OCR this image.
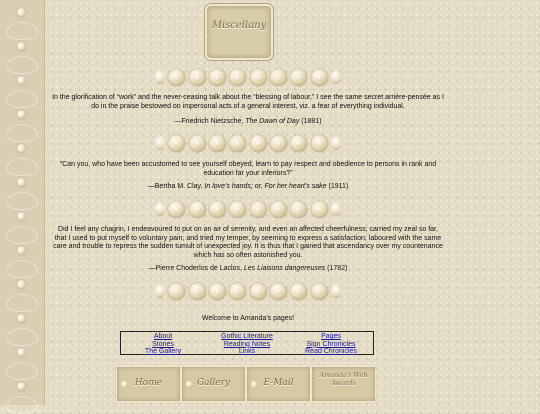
Miscellany
In the glorification of “work” and the never-ceasing talk about the “blessing of labour,” I see the same secret arrière-pensée as I do in the praise bestowed on impersonal acts of a general interest, viz. a fear of everything individual.
—Friedrich Nietzsche, The Dawn of Day (1881)
“Can you, who have been accustomed to see yourself obeyed, learn to pay respect and obedience to persons in rank and education far your inferiors?”
—Bertha M. Clay, In love's hands; or, For her heart's sake (1911)
Did I feel any chagrin, I endeavoured to put on an air of serenity, and even an affected cheerfulness; carried my zeal so far, that I used to put myself to voluntary pain; and tried my temper, by seeming to express a satisfaction; laboured with the same care and trouble to repress the sudden tumult of unexpected joy. It is thus that I gained that ascendancy over my countenance which has so often astonished you.
—Pierre Choderlos de Laclos, Les Liaisons dangereuses (1782)
Welcome to Amanda's pages!
About
Stories
The Gallery
Gothic Literature
Reading Notes
Links
Pages
Sign Chronicles
Read Chronicles
Home	Gallery	E-Mail
Amanda's Web Awards
